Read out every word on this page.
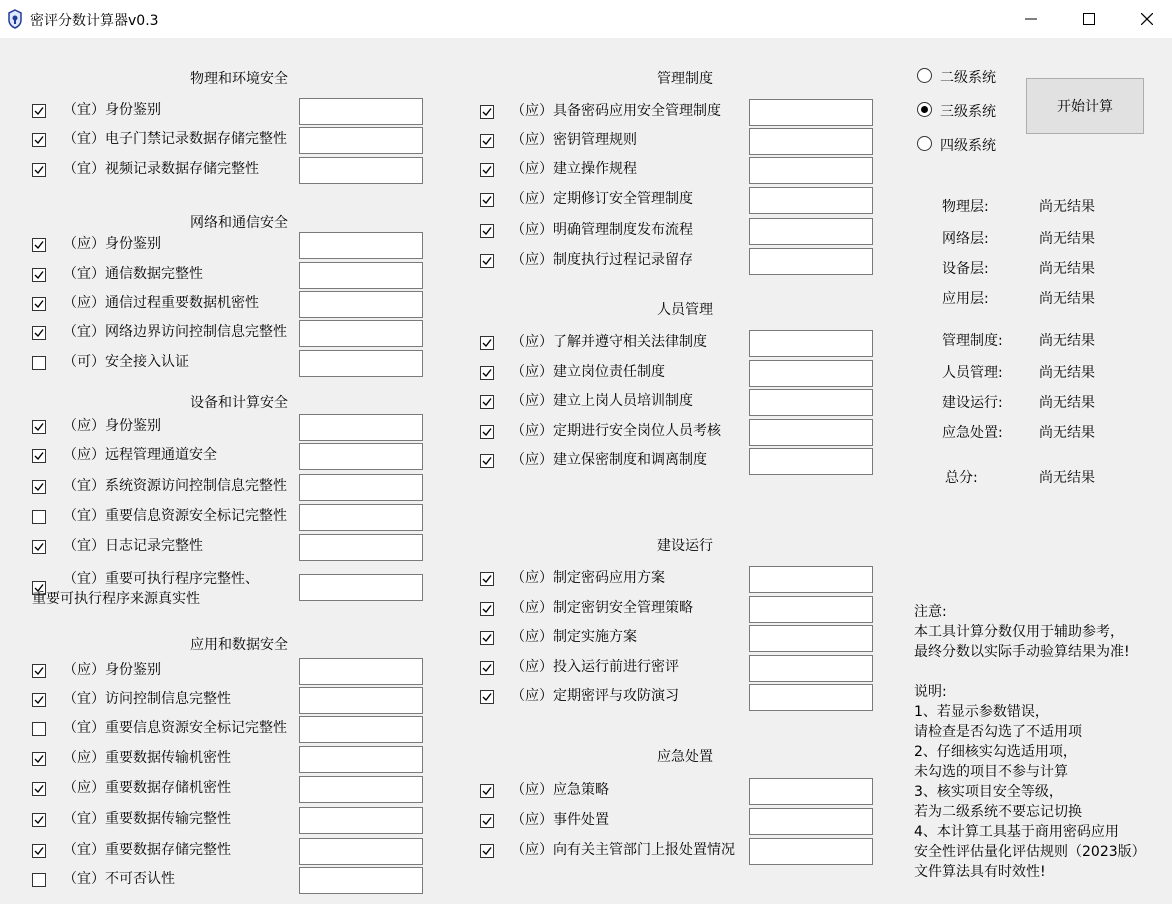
密评分数计算器v0.3
物理和环境安全
网络和通信安全
设备和计算安全
应用和数据安全
管理制度
人员管理
建设运行
应急处置
（宜）身份鉴别
（宜）电子门禁记录数据存储完整性
（宜）视频记录数据存储完整性
（应）身份鉴别
（宜）通信数据完整性
（应）通信过程重要数据机密性
（宜）网络边界访问控制信息完整性
（可）安全接入认证
（应）身份鉴别
（应）远程管理通道安全
（宜）系统资源访问控制信息完整性
（宜）重要信息资源安全标记完整性
（宜）日志记录完整性
（宜）重要可执行程序完整性、
重要可执行程序来源真实性
（应）身份鉴别
（宜）访问控制信息完整性
（宜）重要信息资源安全标记完整性
（应）重要数据传输机密性
（应）重要数据存储机密性
（宜）重要数据传输完整性
（宜）重要数据存储完整性
（宜）不可否认性
（应）具备密码应用安全管理制度
（应）密钥管理规则
（应）建立操作规程
（应）定期修订安全管理制度
（应）明确管理制度发布流程
（应）制度执行过程记录留存
（应）了解并遵守相关法律制度
（应）建立岗位责任制度
（应）建立上岗人员培训制度
（应）定期进行安全岗位人员考核
（应）建立保密制度和调离制度
（应）制定密码应用方案
（应）制定密钥安全管理策略
（应）制定实施方案
（应）投入运行前进行密评
（应）定期密评与攻防演习
（应）应急策略
（应）事件处置
（应）向有关主管部门上报处置情况
二级系统
三级系统
四级系统
开始计算
物理层:	尚无结果
网络层:	尚无结果
设备层:	尚无结果
应用层:	尚无结果
管理制度:	尚无结果
人员管理:	尚无结果
建设运行:	尚无结果
应急处置:	尚无结果
总分:	尚无结果
注意:
本工具计算分数仅用于辅助参考，
最终分数以实际手动验算结果为准!
说明:
1、若显示参数错误，
请检查是否勾选了不适用项
2、仔细核实勾选适用项，
未勾选的项目不参与计算
3、核实项目安全等级，
若为二级系统不要忘记切换
4、本计算工具基于商用密码应用
安全性评估量化评估规则（2023版）
文件算法具有时效性!
